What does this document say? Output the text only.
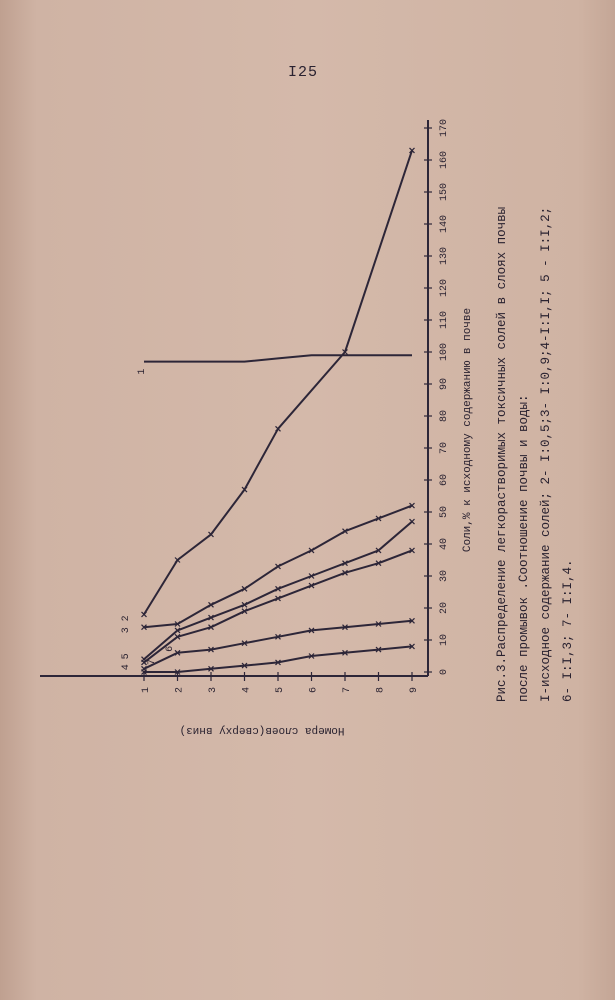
I25
0
10
20
30
40
50
60
70
80
90
100
110
120
130
140
150
160
170
1 2 3 4 5 6 7 8 9
Соли,% к исходному содержанию в почве
Номера слоев(сверху вниз)
1
2
3
4
5
6
7	Рис.3.Распределение легкорастворимых токсичных солей в слоях почвы после промывок .Соотношение почвы и воды: I-исходное содержание солей; 2- I:0,5;3- I:0,9;4-I:I,I; 5 - I:I,2; 6- I:I,3; 7- I:I,4.
